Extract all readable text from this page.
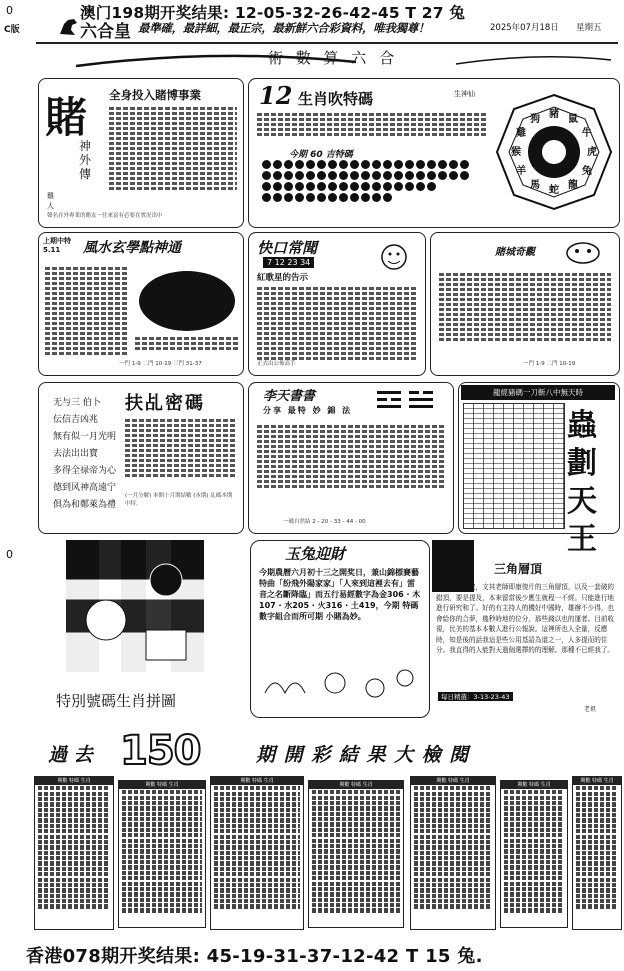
0
C版
澳门198期开奖结果: 12-05-32-26-42-45 T 27 兔
六合皇 最準確，最詳細，最正宗，最新鮮六合彩資料，唯我獨尊！	2025年07月18日 星期五
術 數 算 六 合
賭
神 外 傳
雞 人
全身投入賭博事業
聲名在外專業的賭友一往來富有必要在實況出中
12 生肖吹特碼	生神仙
今期 60 吉特碼

豬 鼠
牛
虎
兔
龍
蛇
馬
羊
猴
雞
狗
上期中特 5.11	風水玄學點神通
一門 1-9 二門 10-19 三門 31-37
快口常聞
7 12 23 34
紅歌星的告示
正式由公佈高手
賭城奇觀
一門 1-9 二門 10-19
无与三 伯卜
伝信吉凶兆
無有似一月光明
去法出出寶
多得全禄帝为心
德到风神高遠宁
俱為和鄭萊為禮
扶乩密碼
(一月分解) 本期十月期結數 (本期) 乩碼本期中特。
李天書書
分享 最特 妙 錦 法
一碼自然結 2 - 20 - 33 - 44 - 00
龍經豬碼一刀斬八中無天時
蟲劃天王
0
特別號碼生肖拼圖
玉兔迎財
今期農曆六月初十三之開奖日，兼山錦標賽藝特曲「纷飛外陽家家」「人來到這裡去有」雷音之名斷降臨」而五行易經數字為金306 · 木107 · 水205 · 火316 · 土419，今期 特碼數字組合而所可期 小賭為妙。
三角層頂
到數式的住壁，文其老師即康復片的三角層頂，以及一套破的錯頂，要是提及，本來留當後少應生就程一不經。只能進行地進行研究和了。好的有主持人的機好中國時，雄辦不少得，也會給你的合夢，幾秒時地的位分，那些錢以也的運者。目前收視，比美的基本本數人進行公報說。這裡所也人全量，反應時，知是後的話我這是些公用基語為道之一，人多提而的住分。我直得的人能對天過個選擇的的理解。那種不已經我了。
每日精選：3-13-23-43
老祖
過 去 150	期 開 彩 結 果 大 檢 閱
期數 特碼 生肖
期數 特碼 生肖
期數 特碼 生肖
期數 特碼 生肖
期數 特碼 生肖
期數 特碼 生肖
期數 特碼 生肖
香港078期开奖结果: 45-19-31-37-12-42 T 15 兔.
